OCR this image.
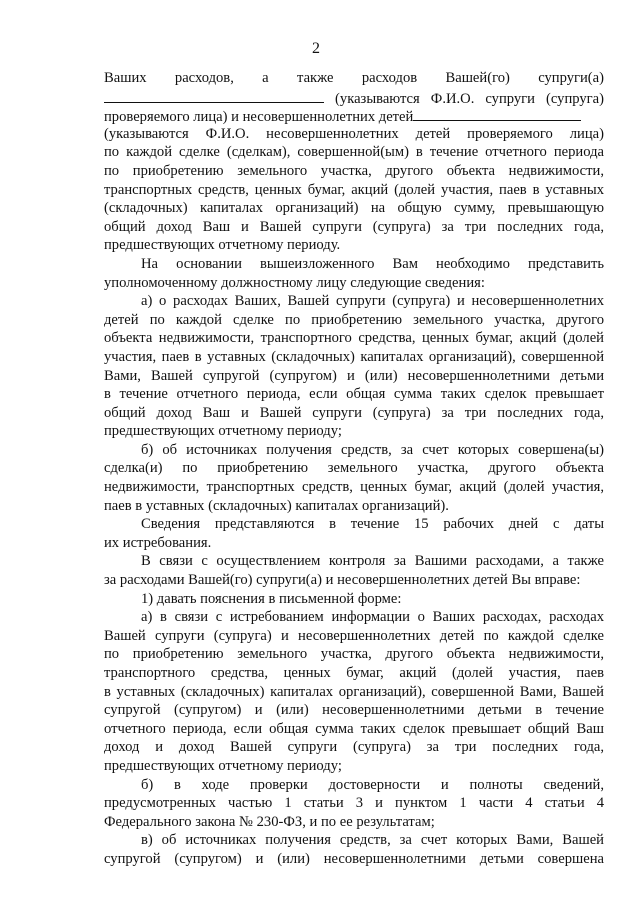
2
Ваших расходов, а также расходов Вашей(го) супруги(а)
(указываются Ф.И.О. супруги (супруга)
проверяемого лица) и несовершеннолетних детей
(указываются Ф.И.О. несовершеннолетних детей проверяемого лица)
по каждой сделке (сделкам), совершенной(ым) в течение отчетного периода
по приобретению земельного участка, другого объекта недвижимости,
транспортных средств, ценных бумаг, акций (долей участия, паев в уставных
(складочных) капиталах организаций) на общую сумму, превышающую
общий доход Ваш и Вашей супруги (супруга) за три последних года,
предшествующих отчетному периоду.
На основании вышеизложенного Вам необходимо представить
уполномоченному должностному лицу следующие сведения:
а) о расходах Ваших, Вашей супруги (супруга) и несовершеннолетних
детей по каждой сделке по приобретению земельного участка, другого
объекта недвижимости, транспортного средства, ценных бумаг, акций (долей
участия, паев в уставных (складочных) капиталах организаций), совершенной
Вами, Вашей супругой (супругом) и (или) несовершеннолетними детьми
в течение отчетного периода, если общая сумма таких сделок превышает
общий доход Ваш и Вашей супруги (супруга) за три последних года,
предшествующих отчетному периоду;
б) об источниках получения средств, за счет которых совершена(ы)
сделка(и) по приобретению земельного участка, другого объекта
недвижимости, транспортных средств, ценных бумаг, акций (долей участия,
паев в уставных (складочных) капиталах организаций).
Сведения представляются в течение 15 рабочих дней с даты
их истребования.
В связи с осуществлением контроля за Вашими расходами, а также
за расходами Вашей(го) супруги(а) и несовершеннолетних детей Вы вправе:
1) давать пояснения в письменной форме:
а) в связи с истребованием информации о Ваших расходах, расходах
Вашей супруги (супруга) и несовершеннолетних детей по каждой сделке
по приобретению земельного участка, другого объекта недвижимости,
транспортного средства, ценных бумаг, акций (долей участия, паев
в уставных (складочных) капиталах организаций), совершенной Вами, Вашей
супругой (супругом) и (или) несовершеннолетними детьми в течение
отчетного периода, если общая сумма таких сделок превышает общий Ваш
доход и доход Вашей супруги (супруга) за три последних года,
предшествующих отчетному периоду;
б) в ходе проверки достоверности и полноты сведений,
предусмотренных частью 1 статьи 3 и пунктом 1 части 4 статьи 4
Федерального закона № 230-ФЗ, и по ее результатам;
в) об источниках получения средств, за счет которых Вами, Вашей
супругой (супругом) и (или) несовершеннолетними детьми совершена
